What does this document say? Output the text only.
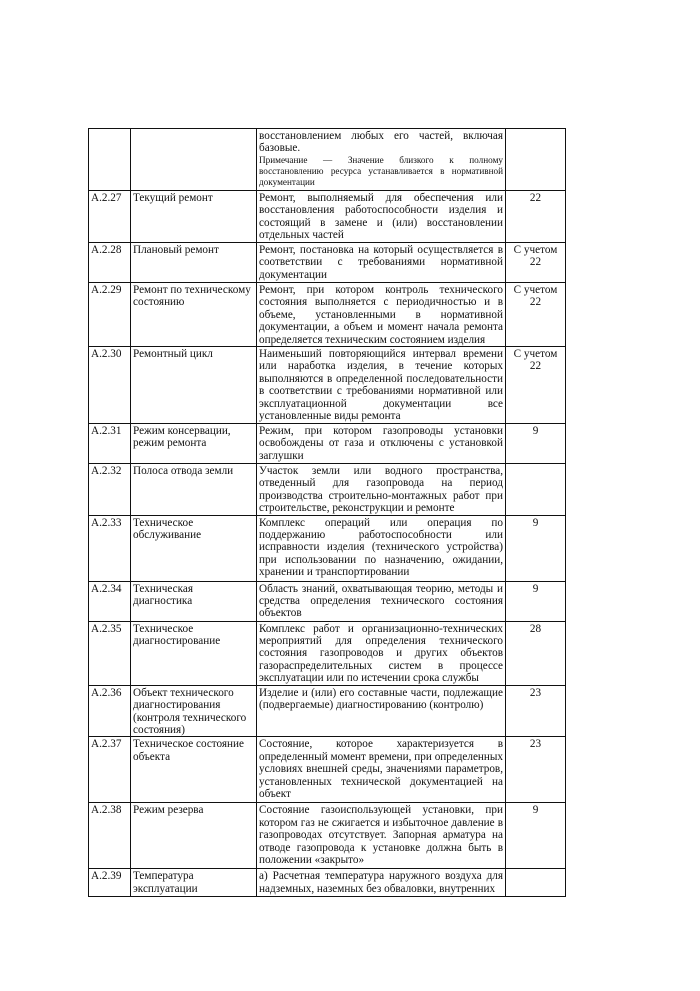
		восстановлением любых его частей, включая базовые.
Примечание — Значение близкого к полному восстановлению ресурса устанавливается в нормативной документации	

А.2.27	Текущий ремонт	Ремонт, выполняемый для обеспечения или восстановления работоспособности изделия и состоящий в замене и (или) восстановлении отдельных частей	22
А.2.28	Плановый ремонт	Ремонт, постановка на который осуществляется в соответствии с требованиями нормативной документации	С учетом 22
А.2.29	Ремонт по техническому состоянию	Ремонт, при котором контроль технического состояния выполняется с периодичностью и в объеме, установленными в нормативной документации, а объем и момент начала ремонта определяется техническим состоянием изделия	С учетом 22
А.2.30	Ремонтный цикл	Наименьший повторяющийся интервал времени или наработка изделия, в течение которых выполняются в определенной последовательности в соответствии с требованиями нормативной или эксплуатационной документации все установленные виды ремонта	С учетом 22
А.2.31	Режим консервации, режим ремонта	Режим, при котором газопроводы установки освобождены от газа и отключены с установкой заглушки	9
А.2.32	Полоса отвода земли	Участок земли или водного пространства, отведенный для газопровода на период производства строительно-монтажных работ при строительстве, реконструкции и ремонте	
А.2.33	Техническое обслуживание	Комплекс операций или операция по поддержанию работоспособности или исправности изделия (технического устройства) при использовании по назначению, ожидании, хранении и транспортировании	9
А.2.34	Техническая диагностика	Область знаний, охватывающая теорию, методы и средства определения технического состояния объектов	9
А.2.35	Техническое диагностирование	Комплекс работ и организационно-технических мероприятий для определения технического состояния газопроводов и других объектов газораспределительных систем в процессе эксплуатации или по истечении срока службы	28
А.2.36	Объект технического диагностирования (контроля технического состояния)	Изделие и (или) его составные части, подлежащие (подвергаемые) диагностированию (контролю)	23
А.2.37	Техническое состояние объекта	Состояние, которое характеризуется в определенный момент времени, при определенных условиях внешней среды, значениями параметров, установленных технической документацией на объект	23
А.2.38	Режим резерва	Состояние газоиспользующей установки, при котором газ не сжигается и избыточное давление в газопроводах отсутствует. Запорная арматура на отводе газопровода к установке должна быть в положении «закрыто»	9
А.2.39	Температура эксплуатации	а) Расчетная температура наружного воздуха для надземных, наземных без обваловки, внутренних	
